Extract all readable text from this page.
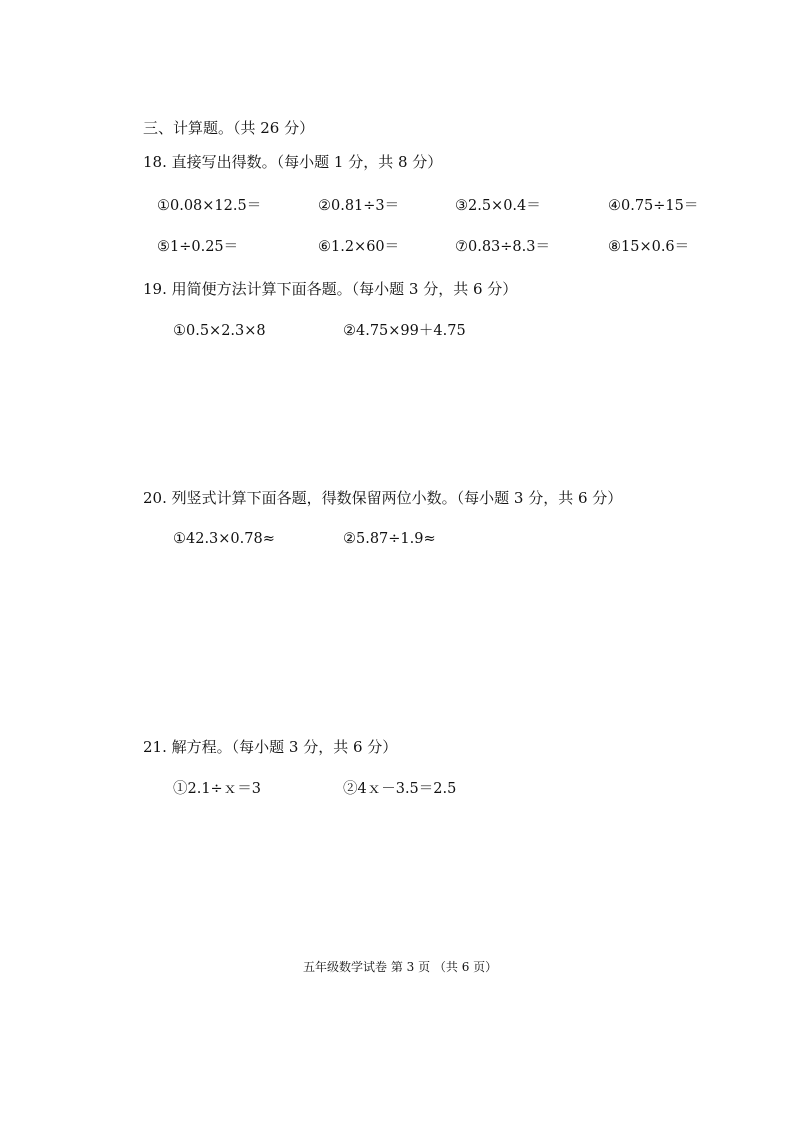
三、计算题。（共 26 分）
18. 直接写出得数。（每小题 1 分，共 8 分）
①0.08×12.5＝	②0.81÷3＝	③2.5×0.4＝	④0.75÷15＝
⑤1÷0.25＝	⑥1.2×60＝	⑦0.83÷8.3＝	⑧15×0.6＝
19. 用简便方法计算下面各题。（每小题 3 分，共 6 分）
①0.5×2.3×8	②4.75×99＋4.75
20. 列竖式计算下面各题，得数保留两位小数。（每小题 3 分，共 6 分）
①42.3×0.78≈	②5.87÷1.9≈
21. 解方程。（每小题 3 分，共 6 分）
①2.1÷ｘ＝3	②4ｘ－3.5＝2.5
五年级数学试卷 第 3 页 （共 6 页）
